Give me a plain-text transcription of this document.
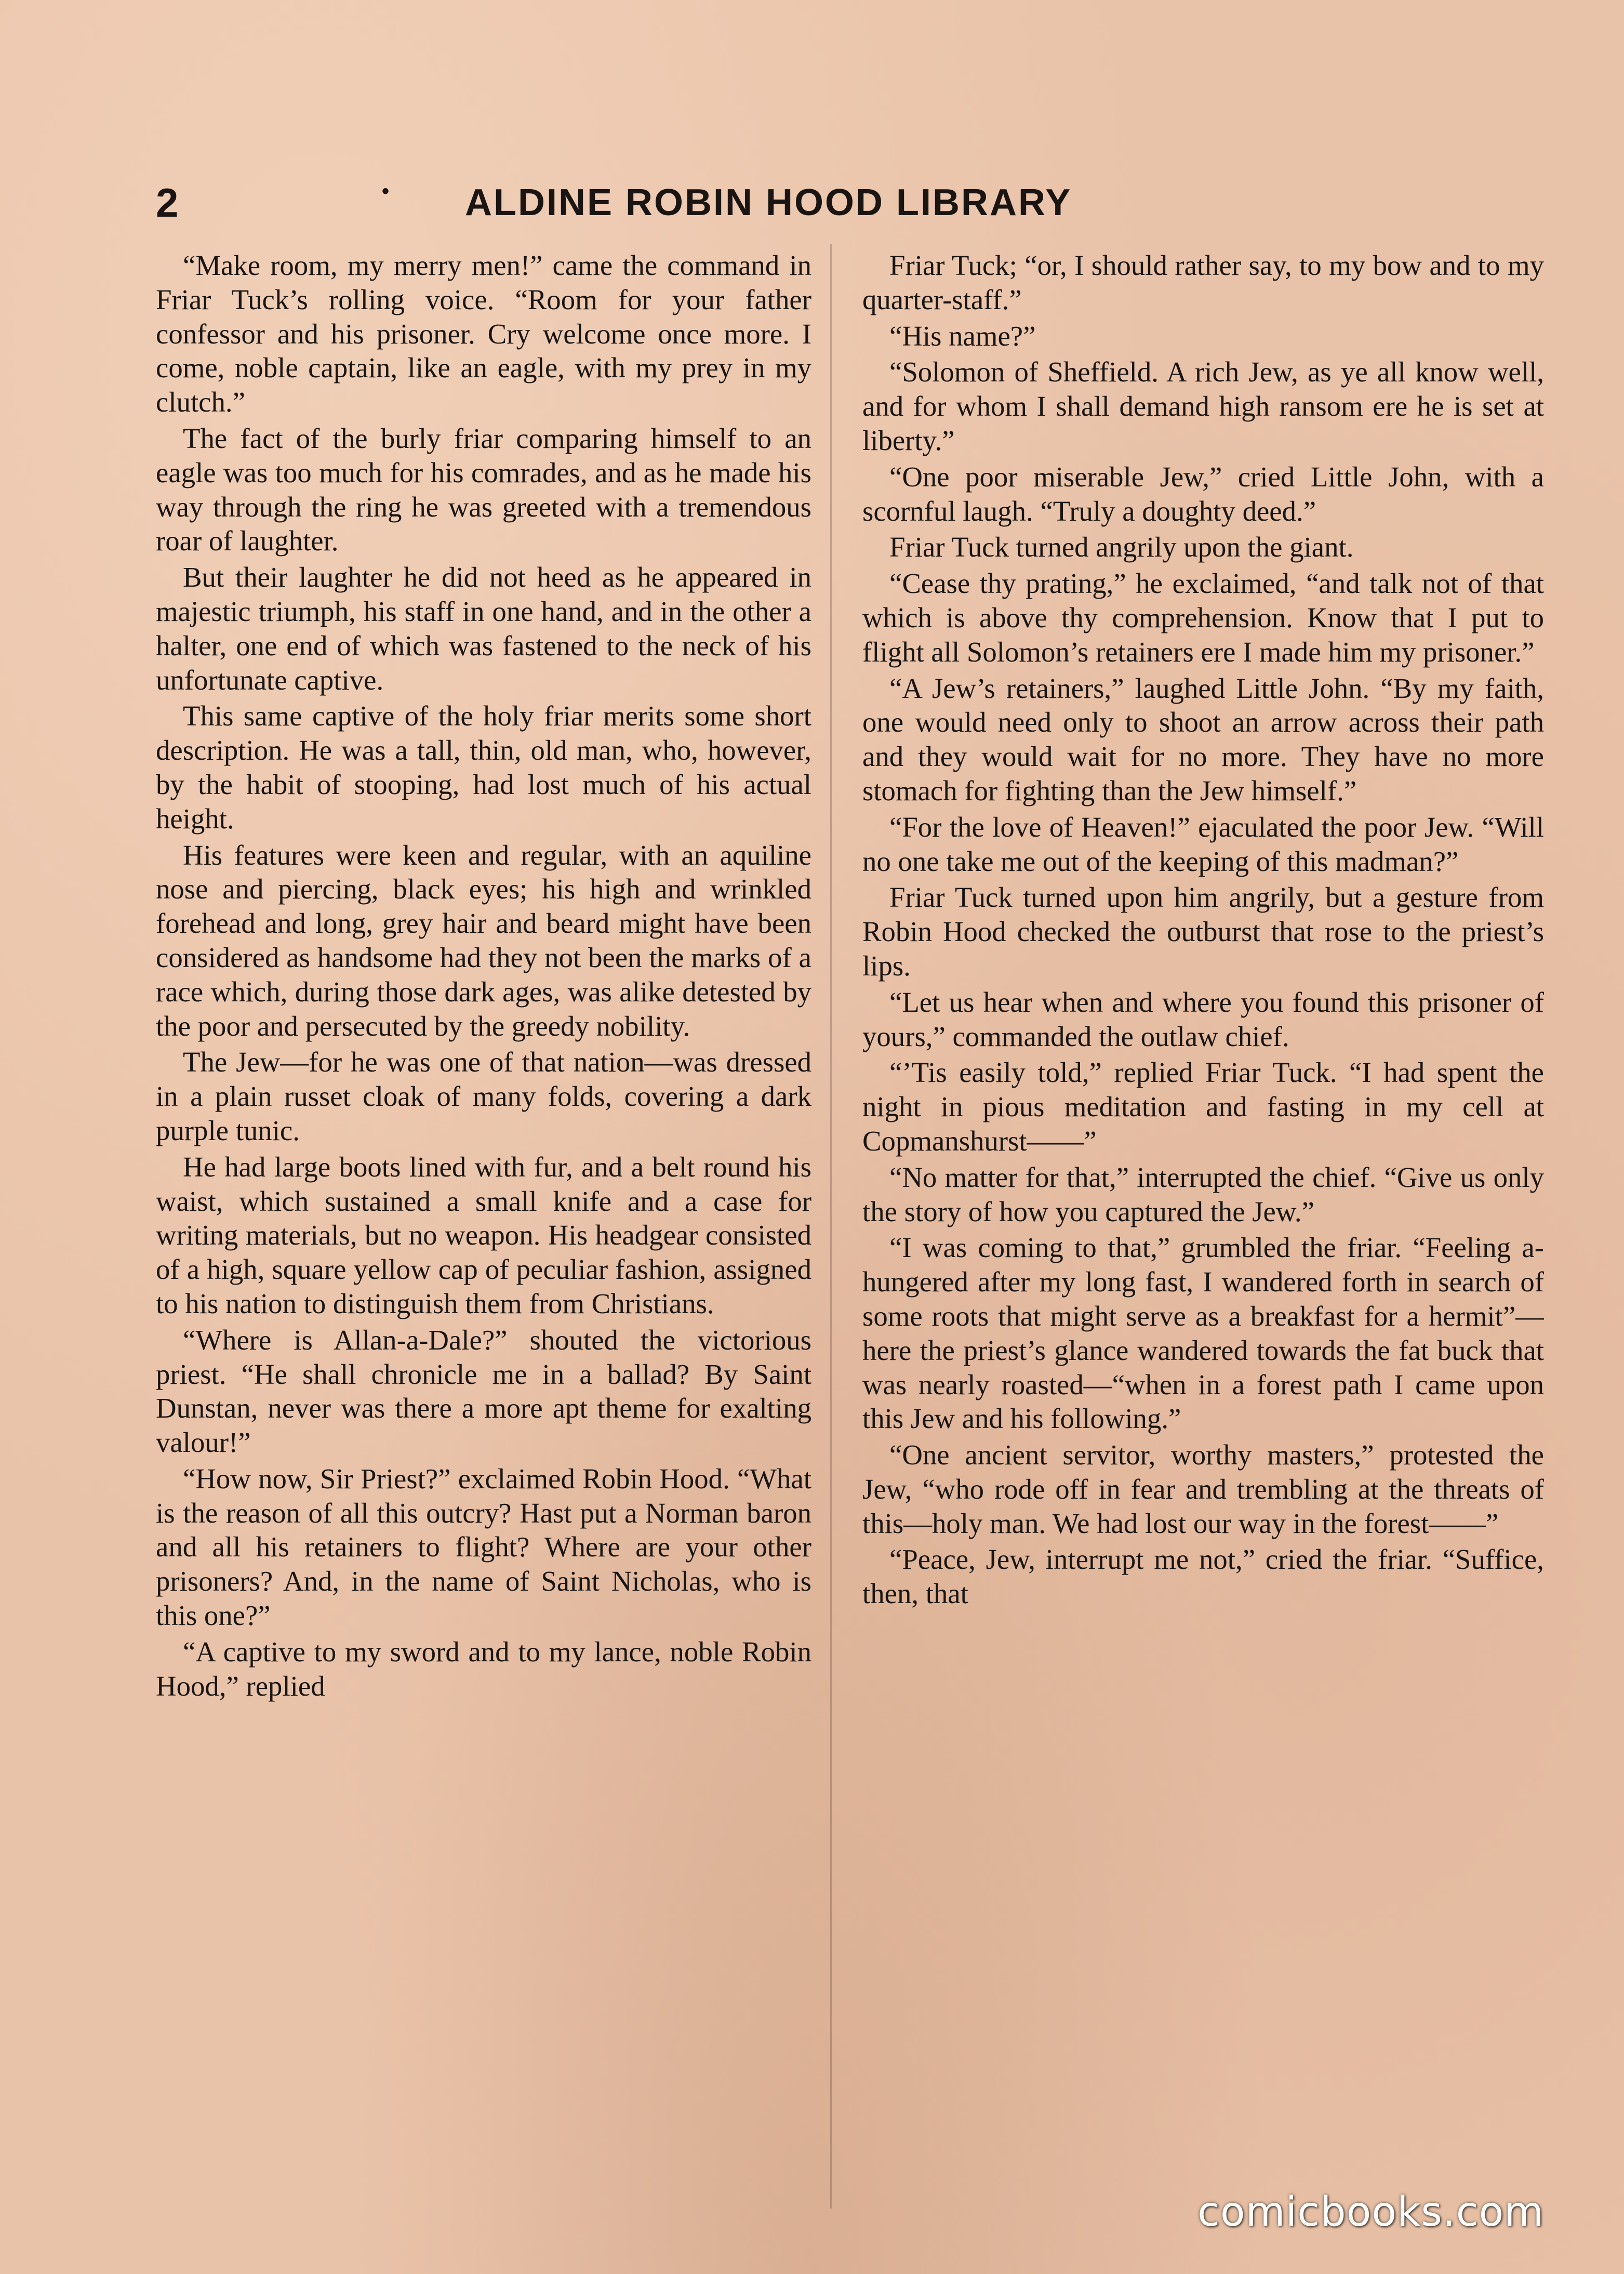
2	• ALDINE ROBIN HOOD LIBRARY

“Make room, my merry men!” came the command in Friar Tuck’s rolling voice. “Room for your father confessor and his prisoner. Cry welcome once more. I come, noble captain, like an eagle, with my prey in my clutch.”

The fact of the burly friar comparing himself to an eagle was too much for his comrades, and as he made his way through the ring he was greeted with a tremendous roar of laughter.

But their laughter he did not heed as he appeared in majestic triumph, his staff in one hand, and in the other a halter, one end of which was fastened to the neck of his unfortunate captive.

This same captive of the holy friar merits some short description. He was a tall, thin, old man, who, however, by the habit of stooping, had lost much of his actual height.

His features were keen and regular, with an aquiline nose and piercing, black eyes; his high and wrinkled forehead and long, grey hair and beard might have been considered as handsome had they not been the marks of a race which, during those dark ages, was alike detested by the poor and persecuted by the greedy nobility.

The Jew—for he was one of that nation—was dressed in a plain russet cloak of many folds, covering a dark purple tunic.

He had large boots lined with fur, and a belt round his waist, which sustained a small knife and a case for writing materials, but no weapon. His headgear consisted of a high, square yellow cap of peculiar fashion, assigned to his nation to distinguish them from Christians.

“Where is Allan-a-Dale?” shouted the victorious priest. “He shall chronicle me in a ballad? By Saint Dunstan, never was there a more apt theme for exalting valour!”

“How now, Sir Priest?” exclaimed Robin Hood. “What is the reason of all this outcry? Hast put a Norman baron and all his retainers to flight? Where are your other prisoners? And, in the name of Saint Nicholas, who is this one?”

“A captive to my sword and to my lance, noble Robin Hood,” replied

Friar Tuck; “or, I should rather say, to my bow and to my quarter-staff.”

“His name?”

“Solomon of Sheffield. A rich Jew, as ye all know well, and for whom I shall demand high ransom ere he is set at liberty.”

“One poor miserable Jew,” cried Little John, with a scornful laugh. “Truly a doughty deed.”

Friar Tuck turned angrily upon the giant.

“Cease thy prating,” he exclaimed, “and talk not of that which is above thy comprehension. Know that I put to flight all Solomon’s retainers ere I made him my prisoner.”

“A Jew’s retainers,” laughed Little John. “By my faith, one would need only to shoot an arrow across their path and they would wait for no more. They have no more stomach for fighting than the Jew himself.”

“For the love of Heaven!” ejaculated the poor Jew. “Will no one take me out of the keeping of this madman?”

Friar Tuck turned upon him angrily, but a gesture from Robin Hood checked the outburst that rose to the priest’s lips.

“Let us hear when and where you found this prisoner of yours,” commanded the outlaw chief.

“’Tis easily told,” replied Friar Tuck. “I had spent the night in pious meditation and fasting in my cell at Copmanshurst——”

“No matter for that,” interrupted the chief. “Give us only the story of how you captured the Jew.”

“I was coming to that,” grumbled the friar. “Feeling a-hungered after my long fast, I wandered forth in search of some roots that might serve as a breakfast for a hermit”—here the priest’s glance wandered towards the fat buck that was nearly roasted—“when in a forest path I came upon this Jew and his following.”

“One ancient servitor, worthy masters,” protested the Jew, “who rode off in fear and trembling at the threats of this—holy man. We had lost our way in the forest——”

“Peace, Jew, interrupt me not,” cried the friar. “Suffice, then, that

comicbooks.com
